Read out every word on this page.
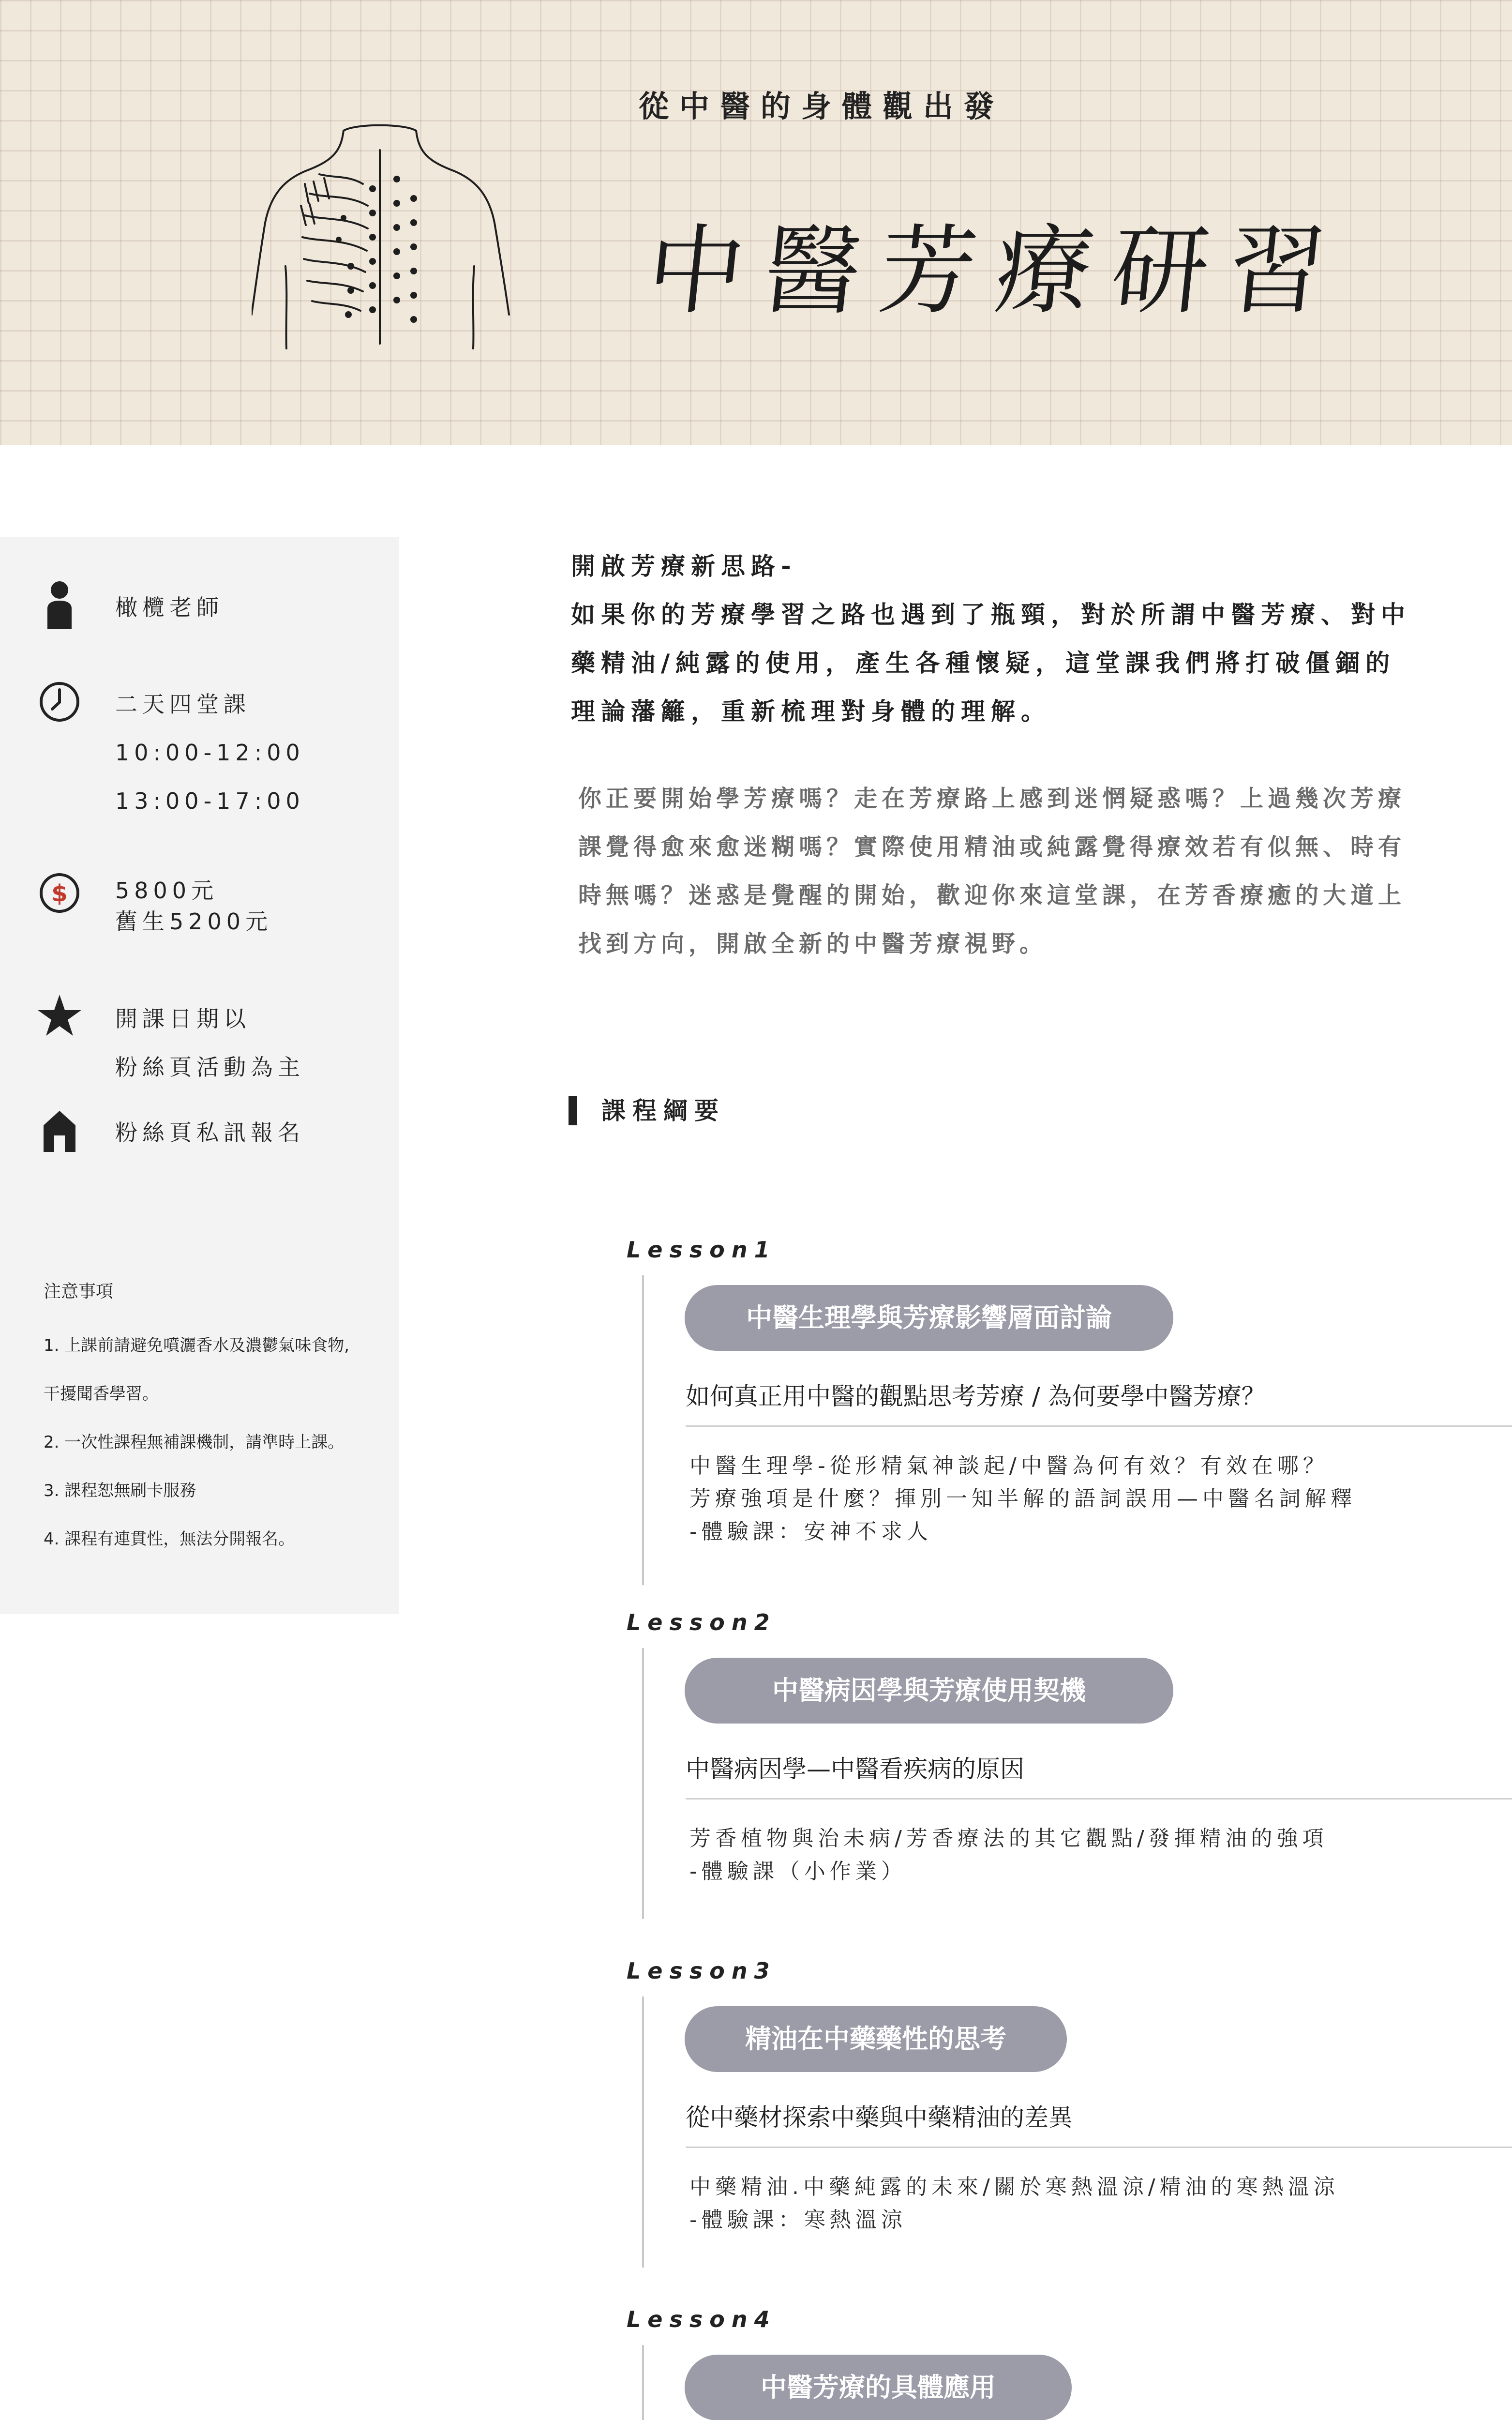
從中醫的身體觀出發
中醫芳療研習
橄欖老師
二天四堂課
10:00-12:00
13:00-17:00
$ 5800元
舊生5200元
開課日期以
粉絲頁活動為主
粉絲頁私訊報名
注意事項
1. 上課前請避免噴灑香水及濃鬱氣味食物,
干擾聞香學習。
2. 一次性課程無補課機制，請準時上課。
3. 課程恕無刷卡服務
4. 課程有連貫性，無法分開報名。
開啟芳療新思路-
如果你的芳療學習之路也遇到了瓶頸，對於所謂中醫芳療、對中
藥精油/純露的使用，產生各種懷疑，這堂課我們將打破僵錮的
理論藩籬，重新梳理對身體的理解。
你正要開始學芳療嗎？走在芳療路上感到迷惘疑惑嗎？上過幾次芳療
課覺得愈來愈迷糊嗎？實際使用精油或純露覺得療效若有似無、時有
時無嗎？迷惑是覺醒的開始，歡迎你來這堂課，在芳香療癒的大道上
找到方向，開啟全新的中醫芳療視野。
課程綱要
Lesson1
中醫生理學與芳療影響層面討論
如何真正用中醫的觀點思考芳療 / 為何要學中醫芳療？
中醫生理學-從形精氣神談起/中醫為何有效？有效在哪？
芳療強項是什麼？揮別一知半解的語詞誤用—中醫名詞解釋
-體驗課：安神不求人
Lesson2
中醫病因學與芳療使用契機
中醫病因學—中醫看疾病的原因
芳香植物與治未病/芳香療法的其它觀點/發揮精油的強項
-體驗課（小作業）
Lesson3
精油在中藥藥性的思考
從中藥材探索中藥與中藥精油的差異
中藥精油.中藥純露的未來/關於寒熱溫涼/精油的寒熱溫涼
-體驗課：寒熱溫涼
Lesson4
中醫芳療的具體應用
